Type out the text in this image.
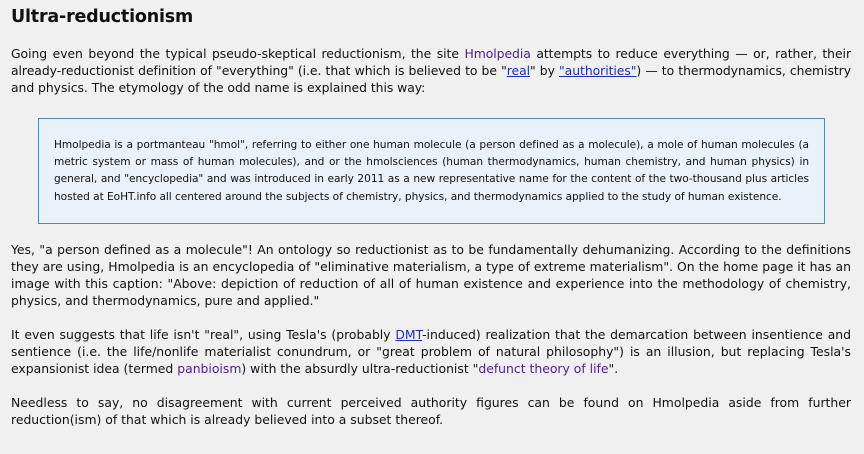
Ultra-reductionism

Going even beyond the typical pseudo-skeptical reductionism, the site Hmolpedia attempts to reduce everything — or, rather, their already-reductionist definition of "everything" (i.e. that which is believed to be "real" by "authorities") — to thermodynamics, chemistry and physics. The etymology of the odd name is explained this way:

Hmolpedia is a portmanteau "hmol", referring to either one human molecule (a person defined as a molecule), a mole of human molecules (a metric system or mass of human molecules), and or the hmolsciences (human thermodynamics, human chemistry, and human physics) in general, and "encyclopedia" and was introduced in early 2011 as a new representative name for the content of the two-thousand plus articles hosted at EoHT.info all centered around the subjects of chemistry, physics, and thermodynamics applied to the study of human existence.

Yes, "a person defined as a molecule"! An ontology so reductionist as to be fundamentally dehumanizing. According to the definitions they are using, Hmolpedia is an encyclopedia of "eliminative materialism, a type of extreme materialism". On the home page it has an image with this caption: "Above: depiction of reduction of all of human existence and experience into the methodology of chemistry, physics, and thermodynamics, pure and applied."

It even suggests that life isn't "real", using Tesla's (probably DMT-induced) realization that the demarcation between insentience and sentience (i.e. the life/nonlife materialist conundrum, or "great problem of natural philosophy") is an illusion, but replacing Tesla's expansionist idea (termed panbioism) with the absurdly ultra-reductionist "defunct theory of life".

Needless to say, no disagreement with current perceived authority figures can be found on Hmolpedia aside from further reduction(ism) of that which is already believed into a subset thereof.
